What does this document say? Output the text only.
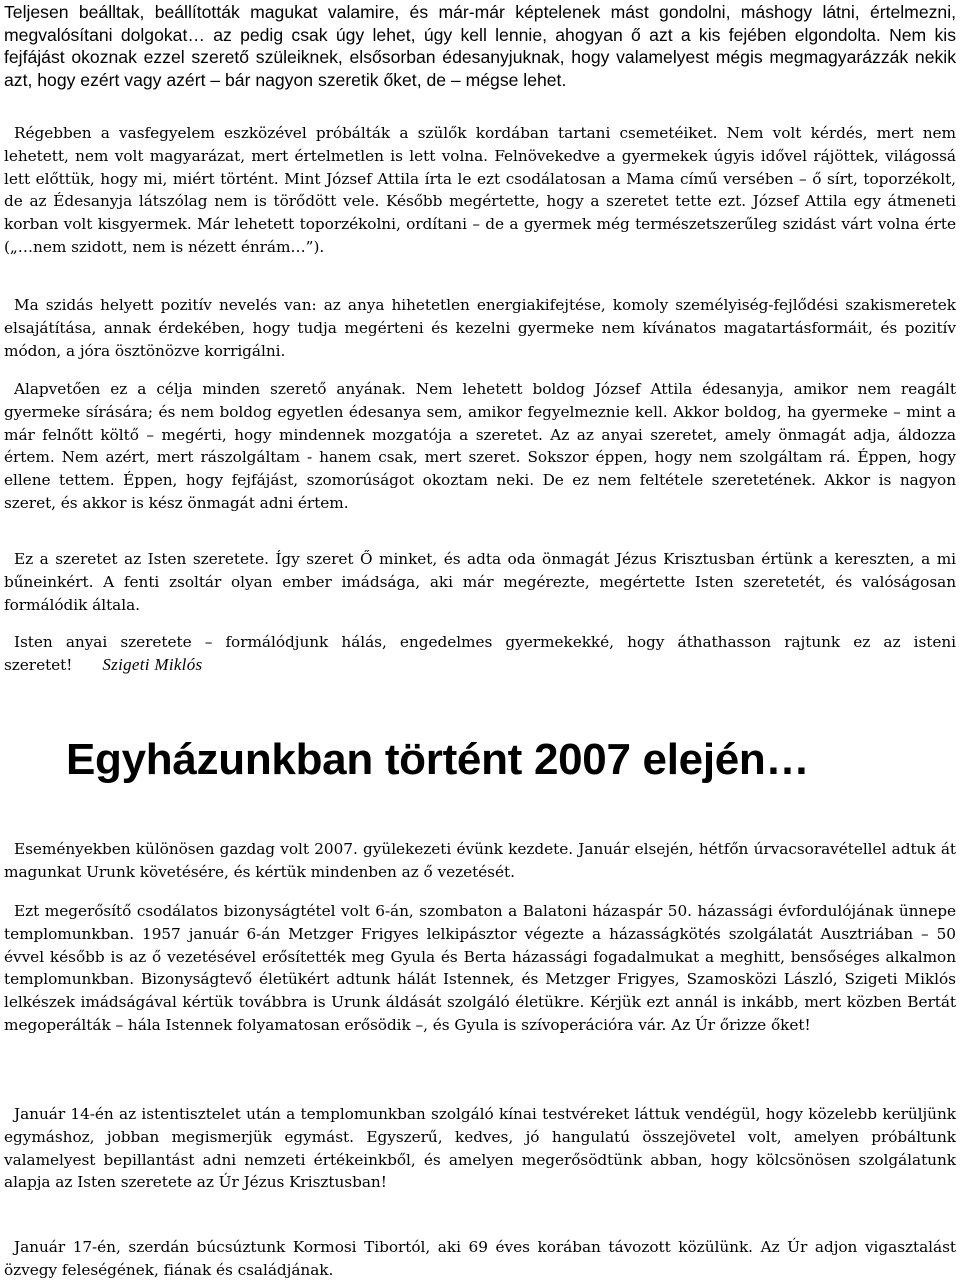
Teljesen beálltak, beállították magukat valamire, és már-már képtelenek mást gondolni, máshogy látni, értelmezni, megvalósítani dolgokat… az pedig csak úgy lehet, úgy kell lennie, ahogyan ő azt a kis fejében elgondolta. Nem kis fejfájást okoznak ezzel szerető szüleiknek, elsősorban édesanyjuknak, hogy valamelyest mégis megmagyarázzák nekik azt, hogy ezért vagy azért – bár nagyon szeretik őket, de – mégse lehet.

Régebben a vasfegyelem eszközével próbálták a szülők kordában tartani csemetéiket. Nem volt kérdés, mert nem lehetett, nem volt magyarázat, mert értelmetlen is lett volna. Felnövekedve a gyermekek úgyis idővel rájöttek, világossá lett előttük, hogy mi, miért történt. Mint József Attila írta le ezt csodálatosan a Mama című versében – ő sírt, toporzékolt, de az Édesanyja látszólag nem is törődött vele. Később megértette, hogy a szeretet tette ezt. József Attila egy átmeneti korban volt kisgyermek. Már lehetett toporzékolni, ordítani – de a gyermek még természetszerűleg szidást várt volna érte („…nem szidott, nem is nézett énrám…”).

Ma szidás helyett pozitív nevelés van: az anya hihetetlen energiakifejtése, komoly személyiség-fejlődési szakismeretek elsajátítása, annak érdekében, hogy tudja megérteni és kezelni gyermeke nem kívánatos magatartásformáit, és pozitív módon, a jóra ösztönözve korrigálni.

Alapvetően ez a célja minden szerető anyának. Nem lehetett boldog József Attila édesanyja, amikor nem reagált gyermeke sírására; és nem boldog egyetlen édesanya sem, amikor fegyelmeznie kell. Akkor boldog, ha gyermeke – mint a már felnőtt költő – megérti, hogy mindennek mozgatója a szeretet. Az az anyai szeretet, amely önmagát adja, áldozza értem. Nem azért, mert rászolgáltam - hanem csak, mert szeret. Sokszor éppen, hogy nem szolgáltam rá. Éppen, hogy ellene tettem. Éppen, hogy fejfájást, szomorúságot okoztam neki. De ez nem feltétele szeretetének. Akkor is nagyon szeret, és akkor is kész önmagát adni értem.

Ez a szeretet az Isten szeretete. Így szeret Ő minket, és adta oda önmagát Jézus Krisztusban értünk a kereszten, a mi bűneinkért. A fenti zsoltár olyan ember imádsága, aki már megérezte, megértette Isten szeretetét, és valóságosan formálódik általa.

Isten anyai szeretete – formálódjunk hálás, engedelmes gyermekekké, hogy áthathasson rajtunk ez az isteni szeretet! Szigeti Miklós

Egyházunkban történt 2007 elején…

Eseményekben különösen gazdag volt 2007. gyülekezeti évünk kezdete. Január elsején, hétfőn úrvacsoravétellel adtuk át magunkat Urunk követésére, és kértük mindenben az ő vezetését.

Ezt megerősítő csodálatos bizonyságtétel volt 6-án, szombaton a Balatoni házaspár 50. házassági évfordulójának ünnepe templomunkban. 1957 január 6-án Metzger Frigyes lelkipásztor végezte a házasságkötés szolgálatát Ausztriában – 50 évvel később is az ő vezetésével erősítették meg Gyula és Berta házassági fogadalmukat a meghitt, bensőséges alkalmon templomunkban. Bizonyságtevő életükért adtunk hálát Istennek, és Metzger Frigyes, Szamosközi László, Szigeti Miklós lelkészek imádságával kértük továbbra is Urunk áldását szolgáló életükre. Kérjük ezt annál is inkább, mert közben Bertát megoperálták – hála Istennek folyamatosan erősödik –, és Gyula is szívoperációra vár. Az Úr őrizze őket!

Január 14-én az istentisztelet után a templomunkban szolgáló kínai testvéreket láttuk vendégül, hogy közelebb kerüljünk egymáshoz, jobban megismerjük egymást. Egyszerű, kedves, jó hangulatú összejövetel volt, amelyen próbáltunk valamelyest bepillantást adni nemzeti értékeinkből, és amelyen megerősödtünk abban, hogy kölcsönösen szolgálatunk alapja az Isten szeretete az Úr Jézus Krisztusban!

Január 17-én, szerdán búcsúztunk Kormosi Tibortól, aki 69 éves korában távozott közülünk. Az Úr adjon vigasztalást özvegy feleségének, fiának és családjának.
